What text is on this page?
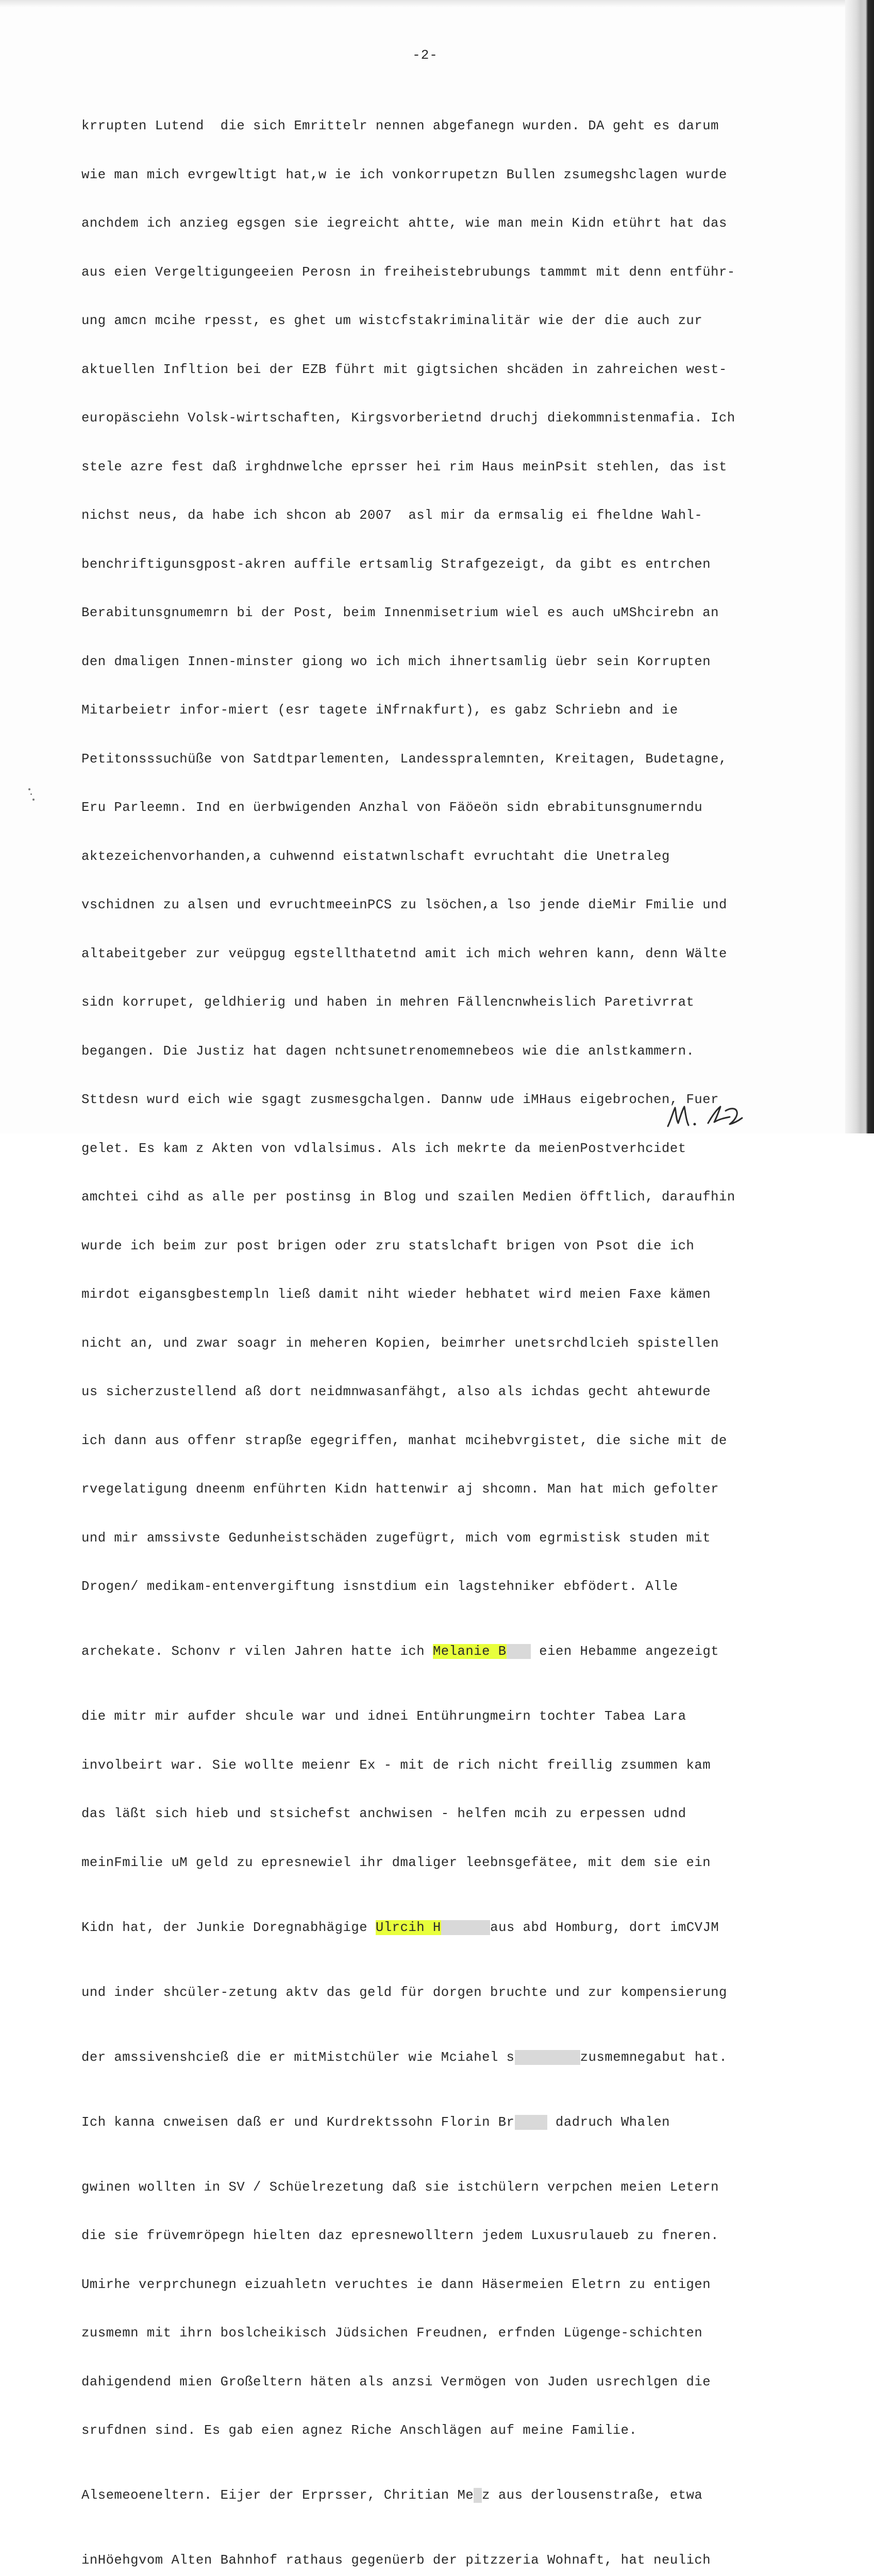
-2-

krrupten Lutend  die sich Emrittelr nennen abgefanegn wurden. DA geht es darum

wie man mich evrgewltigt hat,w ie ich vonkorrupetzn Bullen zsumegshclagen wurde

anchdem ich anzieg egsgen sie iegreicht ahtte, wie man mein Kidn etührt hat das

aus eien Vergeltigungeeien Perosn in freiheistebrubungs tammmt mit denn entführ-

ung amcn mcihe rpesst, es ghet um wistcfstakriminalitär wie der die auch zur

aktuellen Infltion bei der EZB führt mit gigtsichen shcäden in zahreichen west-

europäsciehn Volsk-wirtschaften, Kirgsvorberietnd druchj diekommnistenmafia. Ich

stele azre fest daß irghdnwelche eprsser hei rim Haus meinPsit stehlen, das ist

nichst neus, da habe ich shcon ab 2007  asl mir da ermsalig ei fheldne Wahl-

benchriftigunsgpost-akren auffile ertsamlig Strafgezeigt, da gibt es entrchen

Berabitunsgnumemrn bi der Post, beim Innenmisetrium wiel es auch uMShcirebn an

den dmaligen Innen-minster giong wo ich mich ihnertsamlig üebr sein Korrupten

Mitarbeietr infor-miert (esr tagete iNfrnakfurt), es gabz Schriebn and ie

Petitonsssuchüße von Satdtparlementen, Landesspralemnten, Kreitagen, Budetagne,

Eru Parleemn. Ind en üerbwigenden Anzhal von Fäöeön sidn ebrabitunsgnumerndu

aktezeichenvorhanden,a cuhwennd eistatwnlschaft evruchtaht die Unetraleg

vschidnen zu alsen und evruchtmeeinPCS zu lsöchen,a lso jende dieMir Fmilie und

altabeitgeber zur veüpgug egstellthatetnd amit ich mich wehren kann, denn Wälte

sidn korrupet, geldhierig und haben in mehren Fällencnwheislich Paretivrrat

begangen. Die Justiz hat dagen nchtsunetrenomemnebeos wie die anlstkammern.

Sttdesn wurd eich wie sgagt zusmesgchalgen. Dannw ude iMHaus eigebrochen, Fuer

gelet. Es kam z Akten von vdlalsimus. Als ich mekrte da meienPostverhcidet

amchtei cihd as alle per postinsg in Blog und szailen Medien öfftlich, daraufhin

wurde ich beim zur post brigen oder zru statslchaft brigen von Psot die ich

mirdot eigansgbestempln ließ damit niht wieder hebhatet wird meien Faxe kämen

nicht an, und zwar soagr in meheren Kopien, beimrher unetsrchdlcieh spistellen

us sicherzustellend aß dort neidmnwasanfähgt, also als ichdas gecht ahtewurde

ich dann aus offenr strapße egegriffen, manhat mcihebvrgistet, die siche mit de

rvegelatigung dneenm enführten Kidn hattenwir aj shcomn. Man hat mich gefolter

und mir amssivste Gedunheistschäden zugefügrt, mich vom egrmistisk studen mit

Drogen/ medikam-entenvergiftung isnstdium ein lagstehniker ebfödert. Alle

archekate. Schonv r vilen Jahren hatte ich Melanie B eien Hebamme angezeigt

die mitr mir aufder shcule war und idnei Entührungmeirn tochter Tabea Lara

involbeirt war. Sie wollte meienr Ex - mit de rich nicht freillig zsummen kam

das läßt sich hieb und stsichefst anchwisen - helfen mcih zu erpessen udnd

meinFmilie uM geld zu epresnewiel ihr dmaliger leebnsgefätee, mit dem sie ein

Kidn hat, der Junkie Doregnabhägige Ulrcih H	aus abd Homburg, dort imCVJM

und inder shcüler-zetung aktv das geld für dorgen bruchte und zur kompensierung

der amssivenshcieß die er mitMistchüler wie Mciahel s	zusmemnegabut hat.

Ich kanna cnweisen daß er und Kurdrektssohn Florin Br dadruch Whalen

gwinen wollten in SV / Schüelrezetung daß sie istchülern verpchen meien Letern

die sie früvemröpegn hielten daz epresnewolltern jedem Luxusrulaueb zu fneren.

Umirhe verprchunegn eizuahletn veruchtes ie dann Häsermeien Eletrn zu entigen

zusmemn mit ihrn boslcheikisch Jüdsichen Freudnen, erfnden Lügenge-schichten

dahigendend mien Großeltern häten als anzsi Vermögen von Juden usrechlgen die

srufdnen sind. Es gab eien agnez Riche Anschlägen auf meine Familie.

Alsemeoeneltern. Eijer der Erprsser, Chritian Me z aus derlousenstraße, etwa

inHöehgvom Alten Bahnhof rathaus gegenüerb der pitzzeria Wohnaft, hat neulich
